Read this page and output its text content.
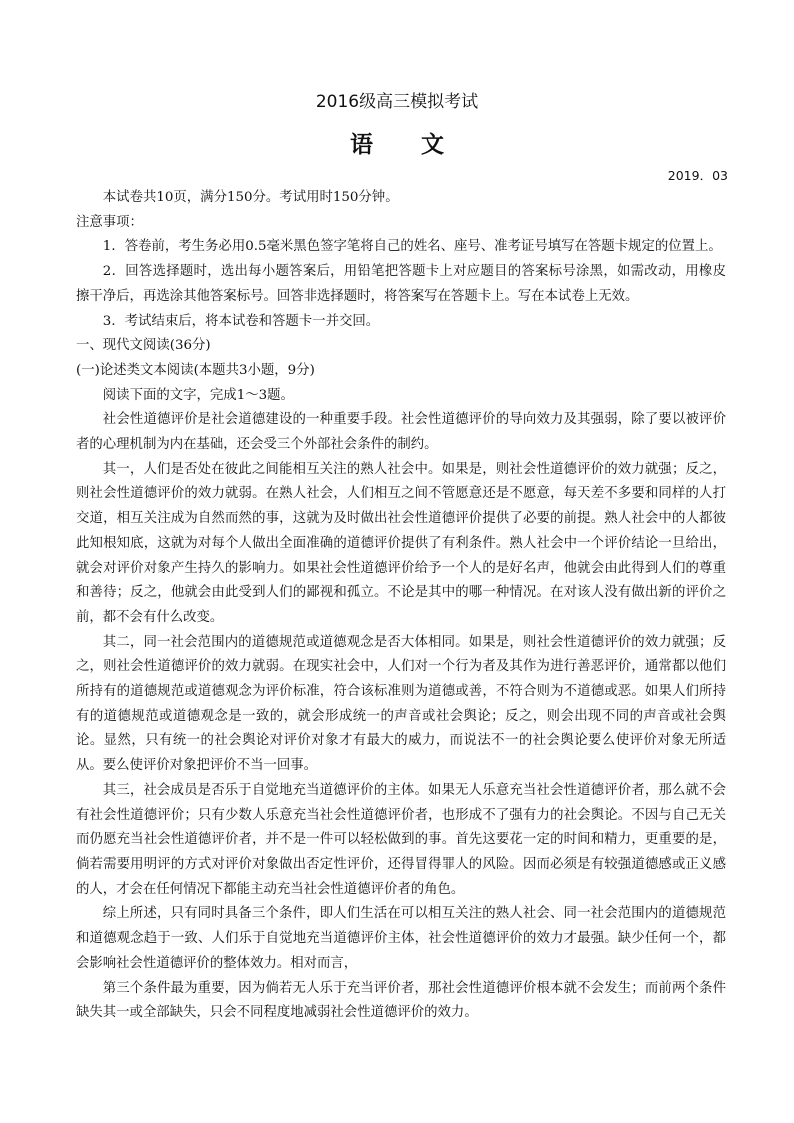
2016级高三模拟考试
语 文
2019．03

本试卷共10页，满分150分。考试用时150分钟。

注意事项：

1．答卷前，考生务必用0.5毫米黑色签字笔将自己的姓名、座号、准考证号填写在答题卡规定的位置上。

2．回答选择题时，选出每小题答案后，用铅笔把答题卡上对应题目的答案标号涂黑，如需改动，用橡皮擦干净后，再选涂其他答案标号。回答非选择题时，将答案写在答题卡上。写在本试卷上无效。

3．考试结束后，将本试卷和答题卡一并交回。

一、现代文阅读(36分)

(一)论述类文本阅读(本题共3小题，9分)

阅读下面的文字，完成1～3题。

社会性道德评价是社会道德建设的一种重要手段。社会性道德评价的导向效力及其强弱，除了要以被评价者的心理机制为内在基础，还会受三个外部社会条件的制约。

其一，人们是否处在彼此之间能相互关注的熟人社会中。如果是，则社会性道德评价的效力就强；反之，则社会性道德评价的效力就弱。在熟人社会，人们相互之间不管愿意还是不愿意，每天差不多要和同样的人打交道，相互关注成为自然而然的事，这就为及时做出社会性道德评价提供了必要的前提。熟人社会中的人都彼此知根知底，这就为对每个人做出全面准确的道德评价提供了有利条件。熟人社会中一个评价结论一旦给出，就会对评价对象产生持久的影响力。如果社会性道德评价给予一个人的是好名声，他就会由此得到人们的尊重和善待；反之，他就会由此受到人们的鄙视和孤立。不论是其中的哪一种情况。在对该人没有做出新的评价之前，都不会有什么改变。

其二，同一社会范围内的道德规范或道德观念是否大体相同。如果是，则社会性道德评价的效力就强；反之，则社会性道德评价的效力就弱。在现实社会中，人们对一个行为者及其作为进行善恶评价，通常都以他们所持有的道德规范或道德观念为评价标准，符合该标准则为道德或善，不符合则为不道德或恶。如果人们所持有的道德规范或道德观念是一致的，就会形成统一的声音或社会舆论；反之，则会出现不同的声音或社会舆论。显然，只有统一的社会舆论对评价对象才有最大的威力，而说法不一的社会舆论要么使评价对象无所适从。要么使评价对象把评价不当一回事。

其三，社会成员是否乐于自觉地充当道德评价的主体。如果无人乐意充当社会性道德评价者，那么就不会有社会性道德评价；只有少数人乐意充当社会性道德评价者，也形成不了强有力的社会舆论。不因与自己无关而仍愿充当社会性道德评价者，并不是一件可以轻松做到的事。首先这要花一定的时间和精力，更重要的是，倘若需要用明评的方式对评价对象做出否定性评价，还得冒得罪人的风险。因而必须是有较强道德感或正义感的人，才会在任何情况下都能主动充当社会性道德评价者的角色。

综上所述，只有同时具备三个条件，即人们生活在可以相互关注的熟人社会、同一社会范围内的道德规范和道德观念趋于一致、人们乐于自觉地充当道德评价主体，社会性道德评价的效力才最强。缺少任何一个，都会影响社会性道德评价的整体效力。相对而言，

第三个条件最为重要，因为倘若无人乐于充当评价者，那社会性道德评价根本就不会发生；而前两个条件缺失其一或全部缺失，只会不同程度地减弱社会性道德评价的效力。
